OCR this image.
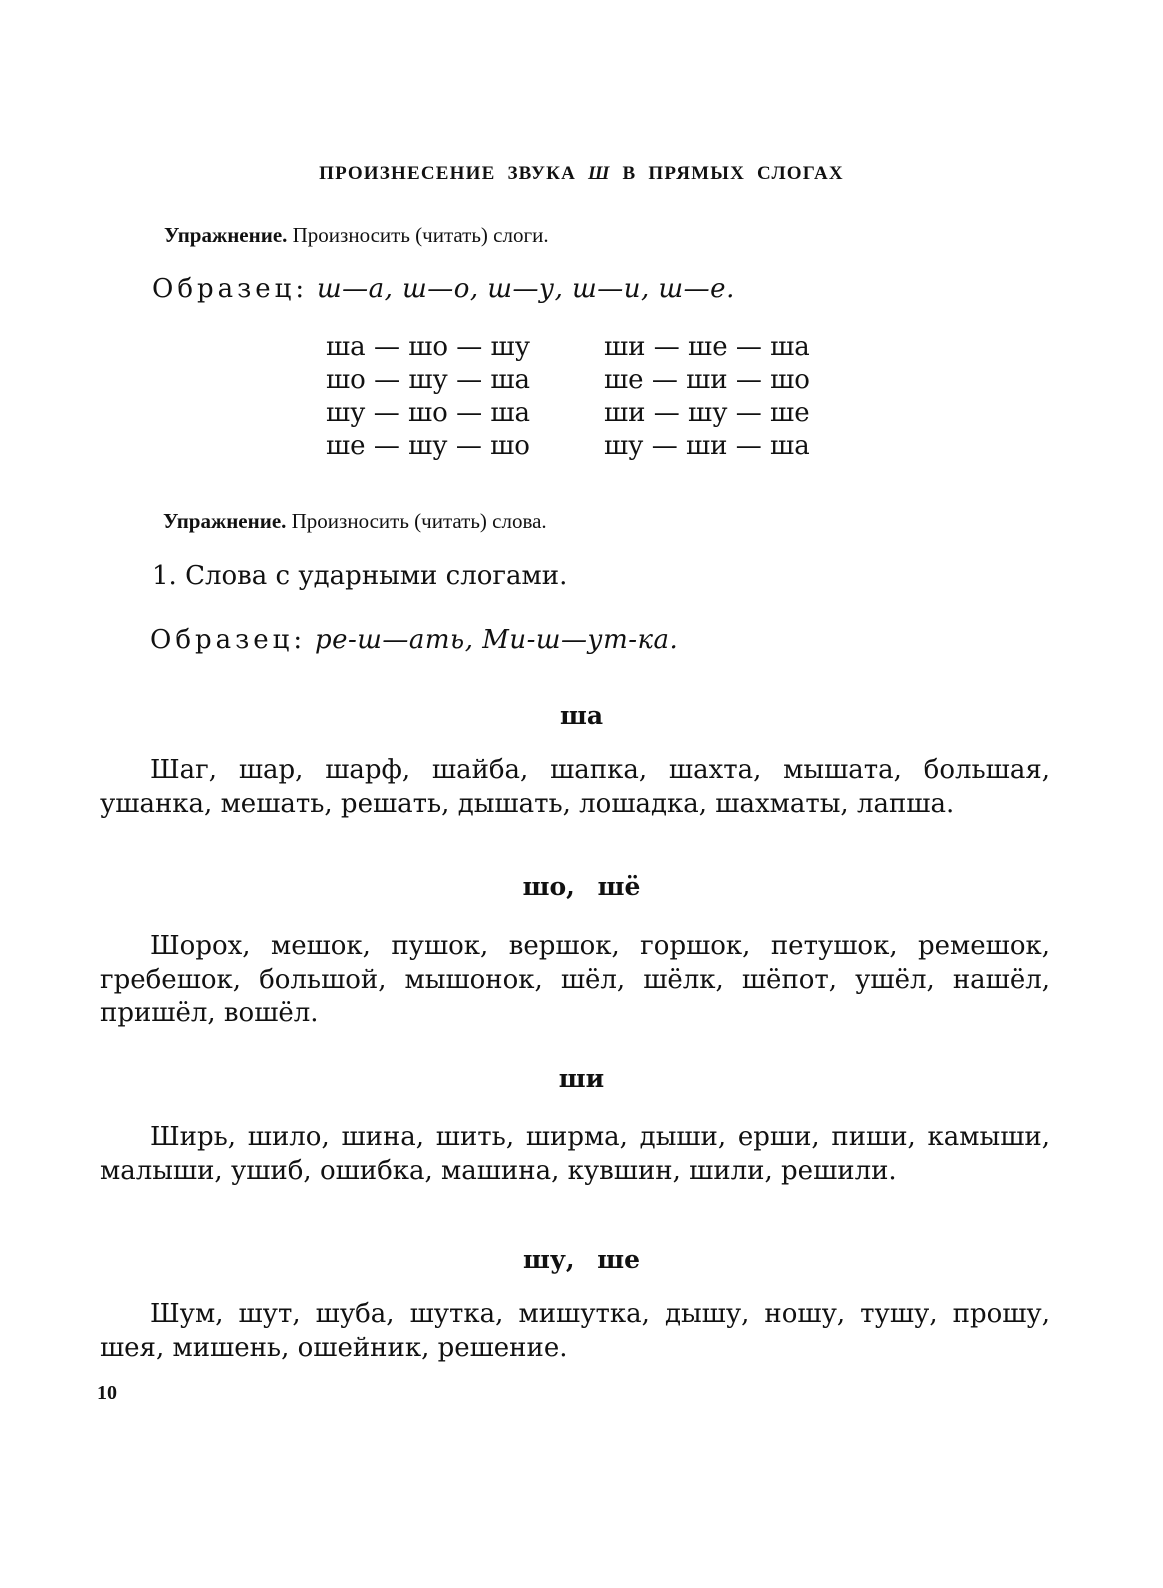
ПРОИЗНЕСЕНИЕ ЗВУКА Ш В ПРЯМЫХ СЛОГАХ
Упражнение. Произносить (читать) слоги.
Образец: ш—а, ш—о, ш—у, ш—и, ш—е.
ша — шо — шу
шо — шу — ша
шу — шо — ша
ше — шу — шо
ши — ше — ша
ше — ши — шо
ши — шу — ше
шу — ши — ша
Упражнение. Произносить (читать) слова.
1. Слова с ударными слогами.
Образец: ре-ш—ать, Ми-ш—ут-ка.
ша
Шаг, шар, шарф, шайба, шапка, шахта, мышата, большая, ушанка, мешать, решать, дышать, лошадка, шахматы, лапша.
шо, шё
Шорох, мешок, пушок, вершок, горшок, петушок, ремешок, гребешок, большой, мышонок, шёл, шёлк, шёпот, ушёл, нашёл, пришёл, вошёл.
ши
Ширь, шило, шина, шить, ширма, дыши, ерши, пиши, камыши, малыши, ушиб, ошибка, машина, кувшин, шили, решили.
шу, ше
Шум, шут, шуба, шутка, мишутка, дышу, ношу, тушу, прошу, шея, мишень, ошейник, решение.
10
